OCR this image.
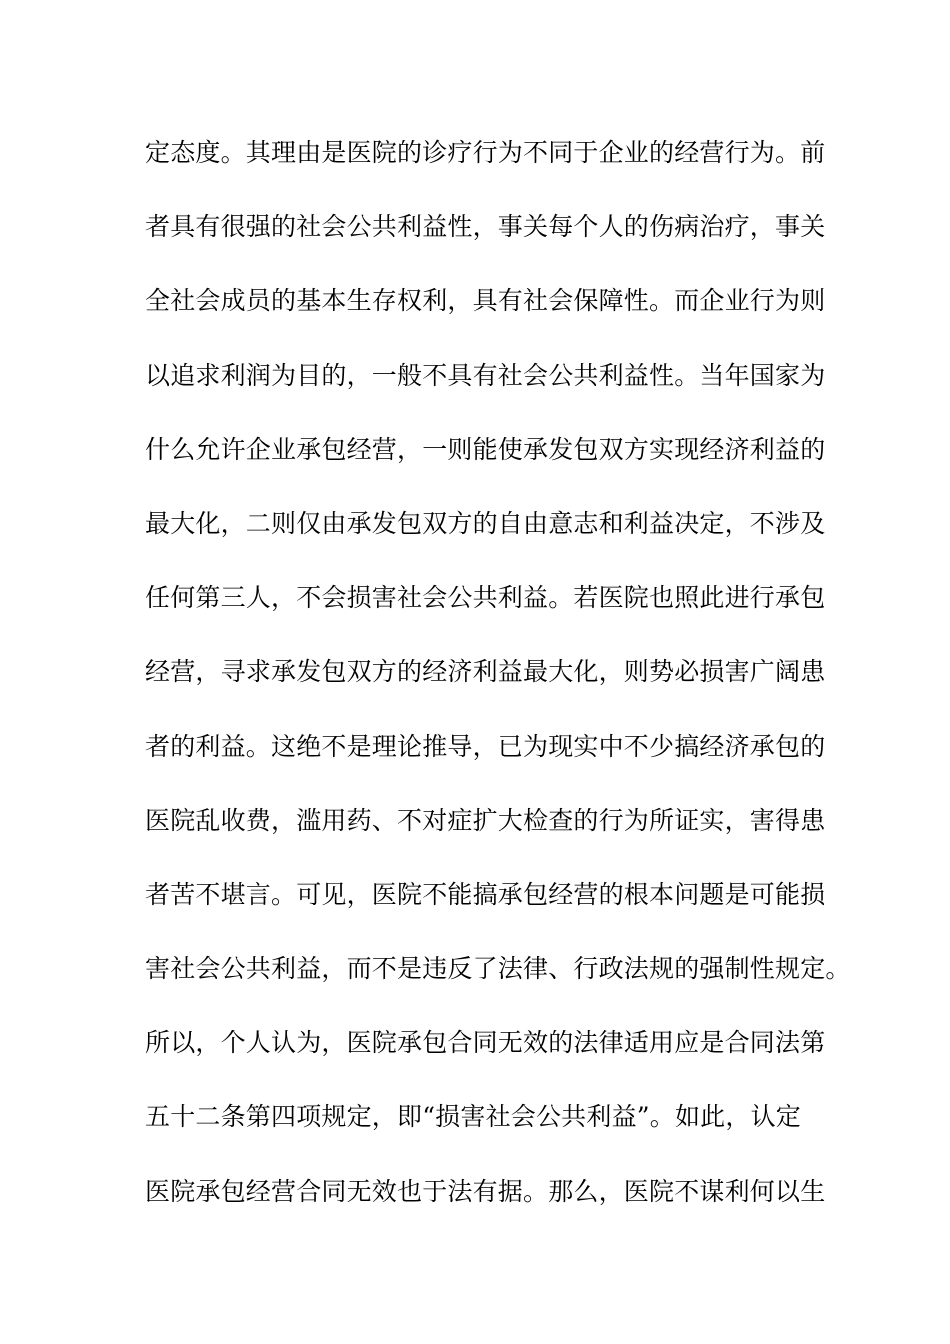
定态度。其理由是医院的诊疗行为不同于企业的经营行为。前
者具有很强的社会公共利益性，事关每个人的伤病治疗，事关
全社会成员的基本生存权利，具有社会保障性。而企业行为则
以追求利润为目的，一般不具有社会公共利益性。当年国家为
什么允许企业承包经营，一则能使承发包双方实现经济利益的
最大化，二则仅由承发包双方的自由意志和利益决定，不涉及
任何第三人，不会损害社会公共利益。若医院也照此进行承包
经营，寻求承发包双方的经济利益最大化，则势必损害广阔患
者的利益。这绝不是理论推导，已为现实中不少搞经济承包的
医院乱收费，滥用药、不对症扩大检查的行为所证实，害得患
者苦不堪言。可见，医院不能搞承包经营的根本问题是可能损
害社会公共利益，而不是违反了法律、行政法规的强制性规定。
所以，个人认为，医院承包合同无效的法律适用应是合同法第
五十二条第四项规定，即“损害社会公共利益”。如此，认定
医院承包经营合同无效也于法有据。那么，医院不谋利何以生
